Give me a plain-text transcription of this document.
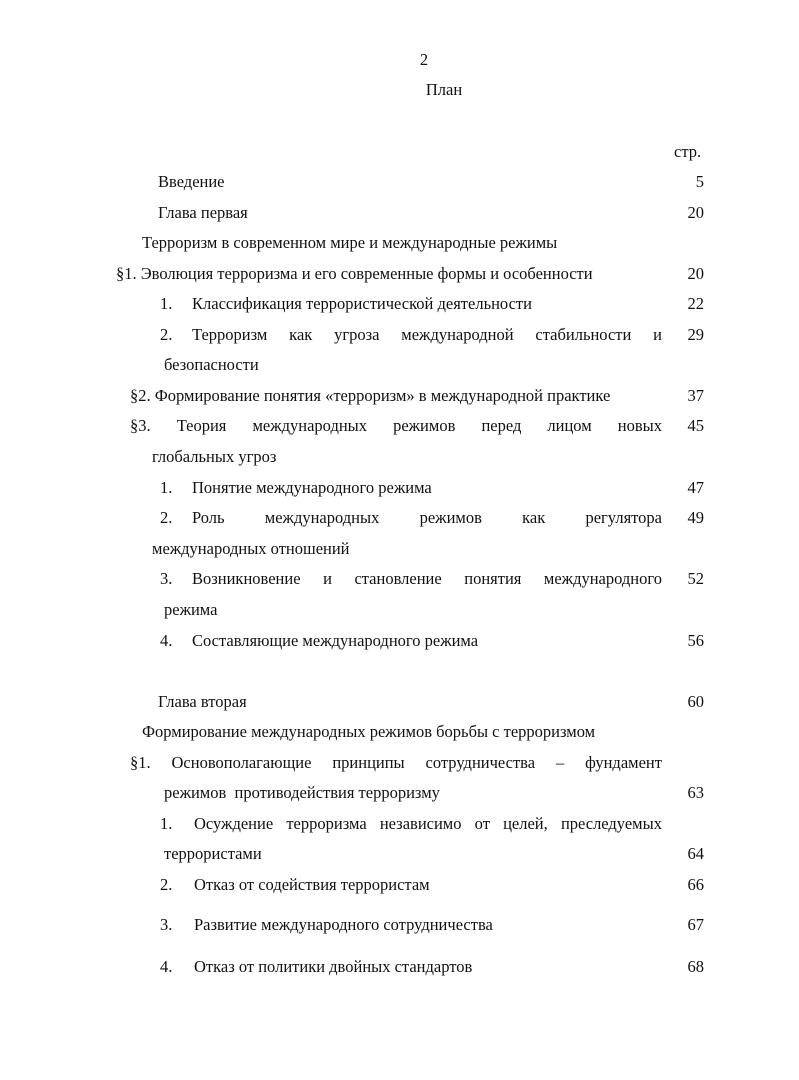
2
План
стр.
Введение	5
Глава первая	20
Терроризм в современном мире и международные режимы
§1. Эволюция терроризма и его современные формы и особенности	20
1. Классификация террористической деятельности	22
2. Терроризм как угроза международной стабильности и	29
безопасности
§2. Формирование понятия «терроризм» в международной практике	37
§3. Теория международных режимов перед лицом новых	45
глобальных угроз
1. Понятие международного режима	47
2. Роль международных режимов как регулятора	49
международных отношений
3. Возникновение и становление понятия международного	52
режима
4. Составляющие международного режима	56
Глава вторая	60
Формирование международных режимов борьбы с терроризмом
§1. Основополагающие принципы сотрудничества – фундамент
режимов  противодействия терроризму	63
1. Осуждение терроризма независимо от целей, преследуемых
террористами	64
2. Отказ от содействия террористам	66
3. Развитие международного сотрудничества	67
4. Отказ от политики двойных стандартов	68
